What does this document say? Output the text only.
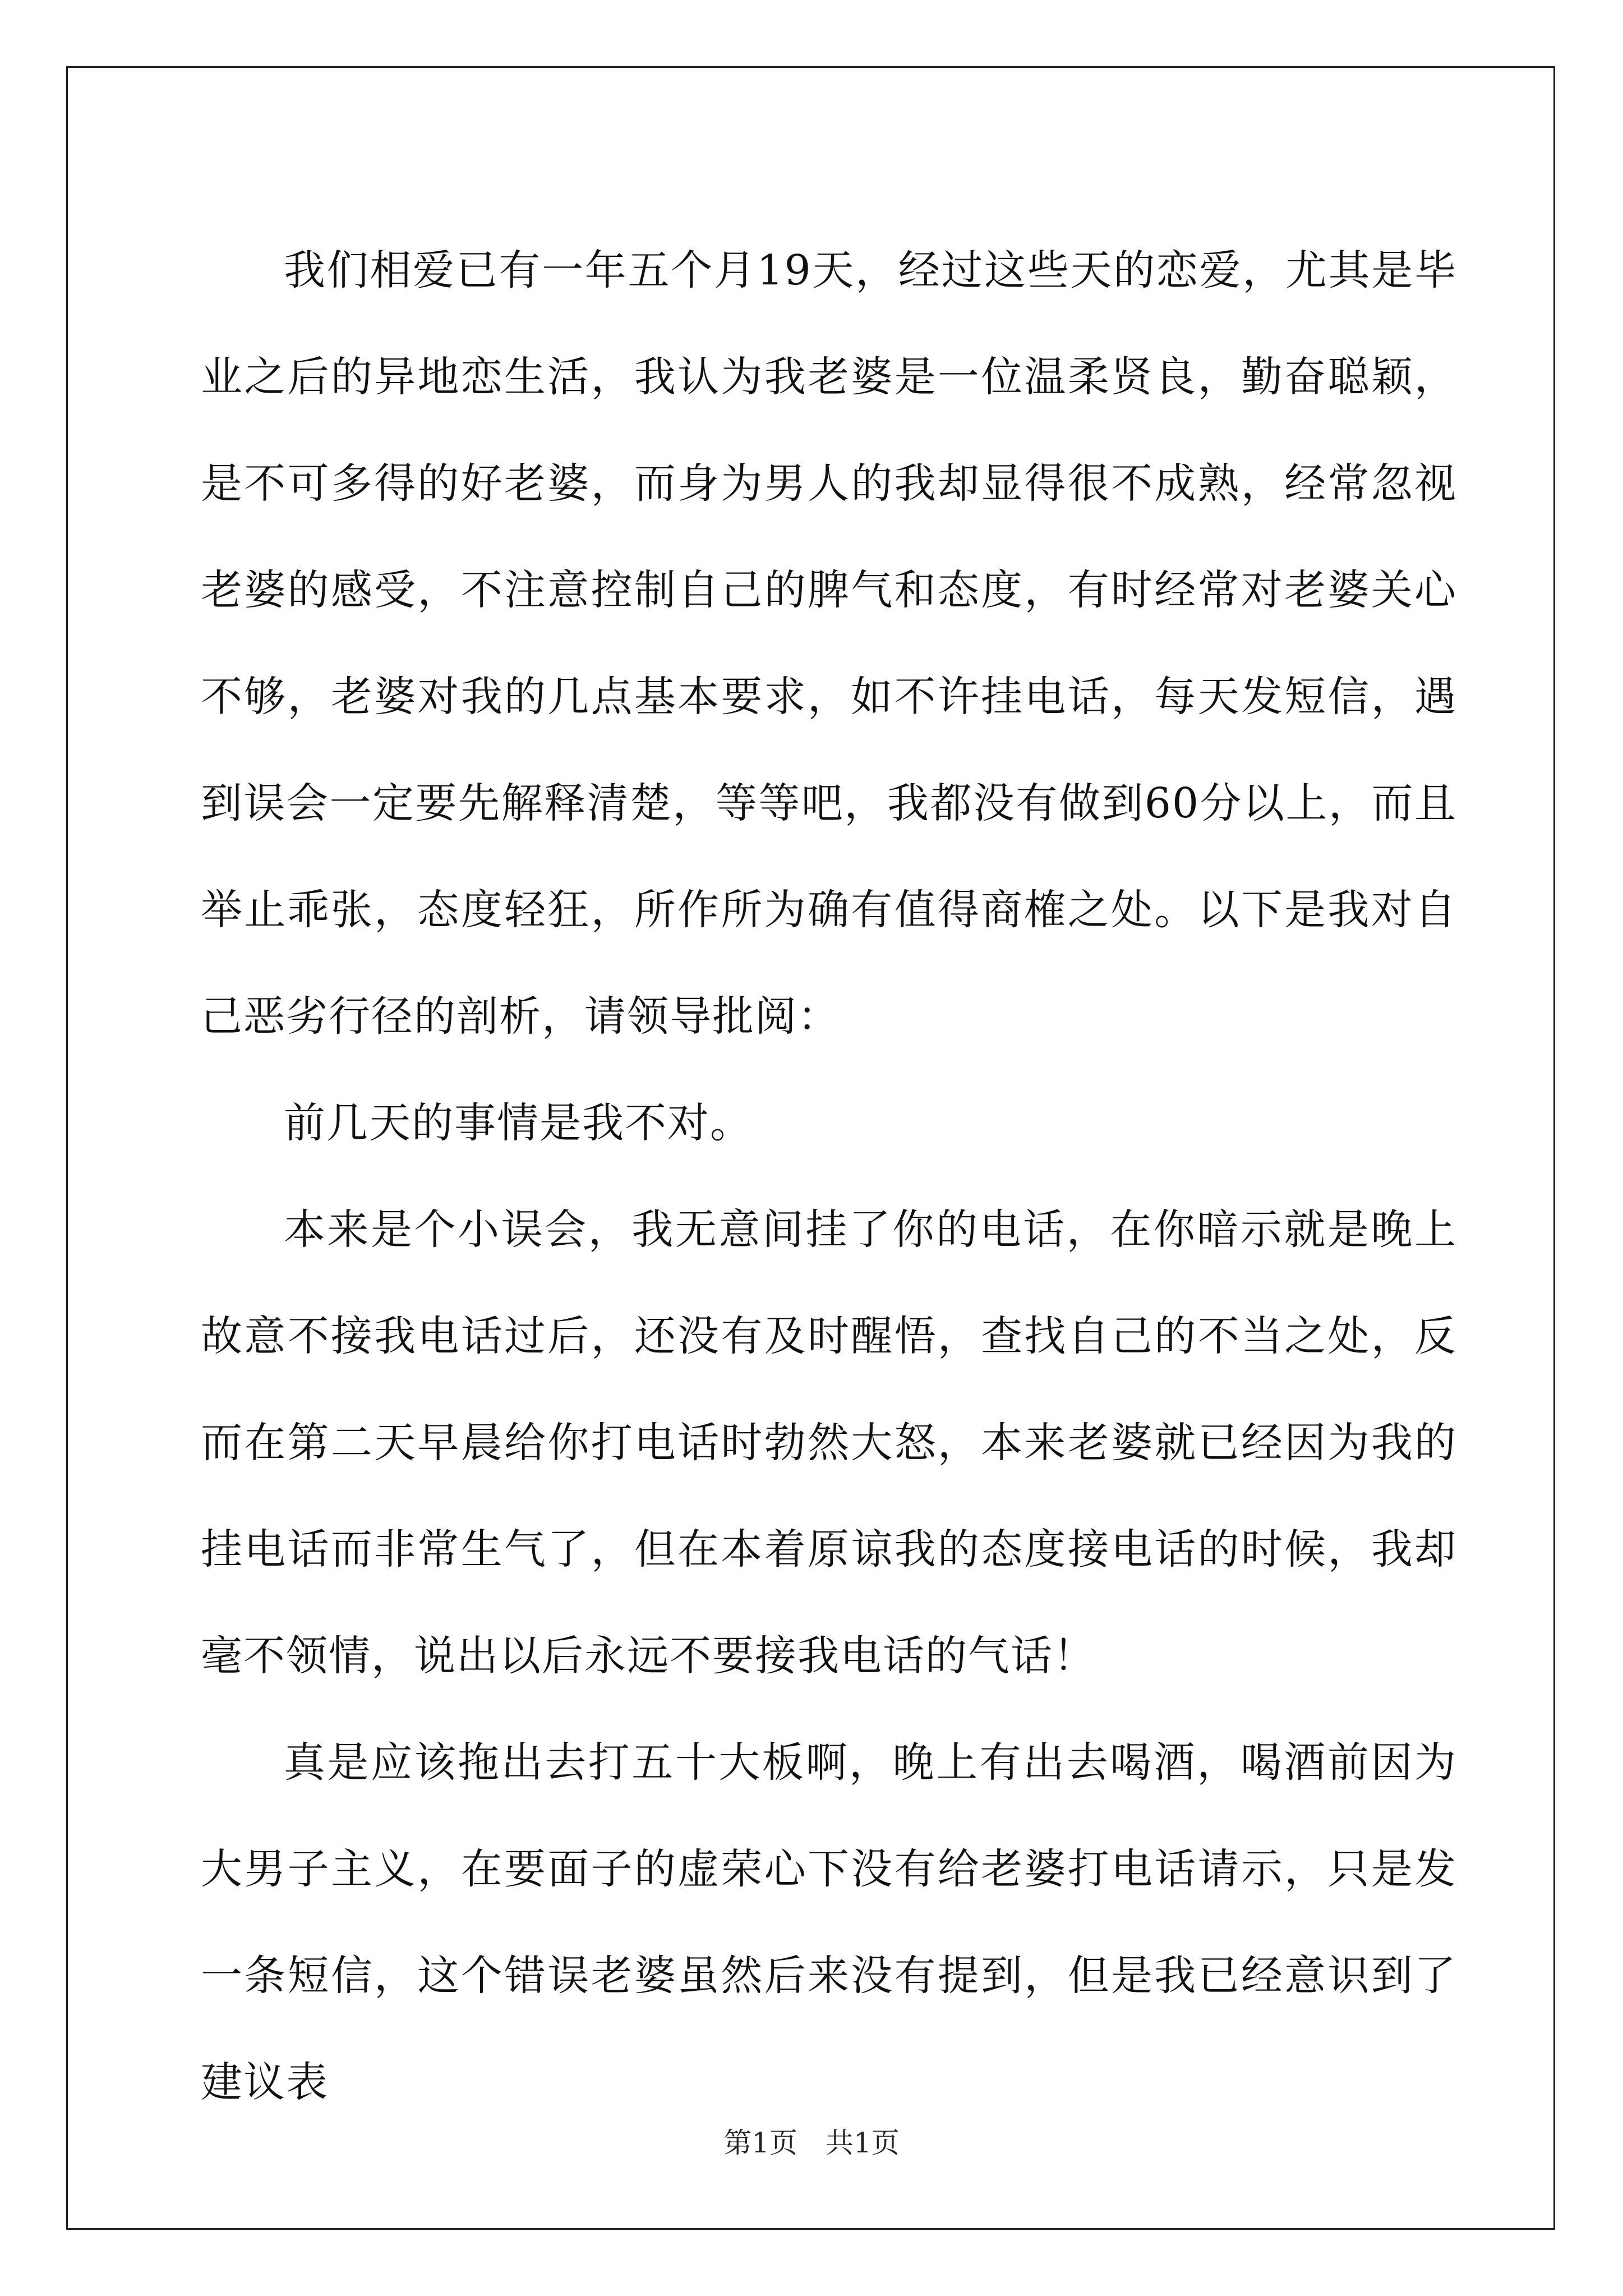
我们相爱已有一年五个月19天，经过这些天的恋爱，尤其是毕业之后的异地恋生活，我认为我老婆是一位温柔贤良，勤奋聪颖，是不可多得的好老婆，而身为男人的我却显得很不成熟，经常忽视老婆的感受，不注意控制自己的脾气和态度，有时经常对老婆关心不够，老婆对我的几点基本要求，如不许挂电话，每天发短信，遇到误会一定要先解释清楚，等等吧，我都没有做到60分以上，而且举止乖张，态度轻狂，所作所为确有值得商榷之处。以下是我对自己恶劣行径的剖析，请领导批阅：

前几天的事情是我不对。

本来是个小误会，我无意间挂了你的电话，在你暗示就是晚上故意不接我电话过后，还没有及时醒悟，查找自己的不当之处，反而在第二天早晨给你打电话时勃然大怒，本来老婆就已经因为我的挂电话而非常生气了，但在本着原谅我的态度接电话的时候，我却毫不领情，说出以后永远不要接我电话的气话！

真是应该拖出去打五十大板啊，晚上有出去喝酒，喝酒前因为大男子主义，在要面子的虚荣心下没有给老婆打电话请示，只是发一条短信，这个错误老婆虽然后来没有提到，但是我已经意识到了建议表

第1页　共1页
